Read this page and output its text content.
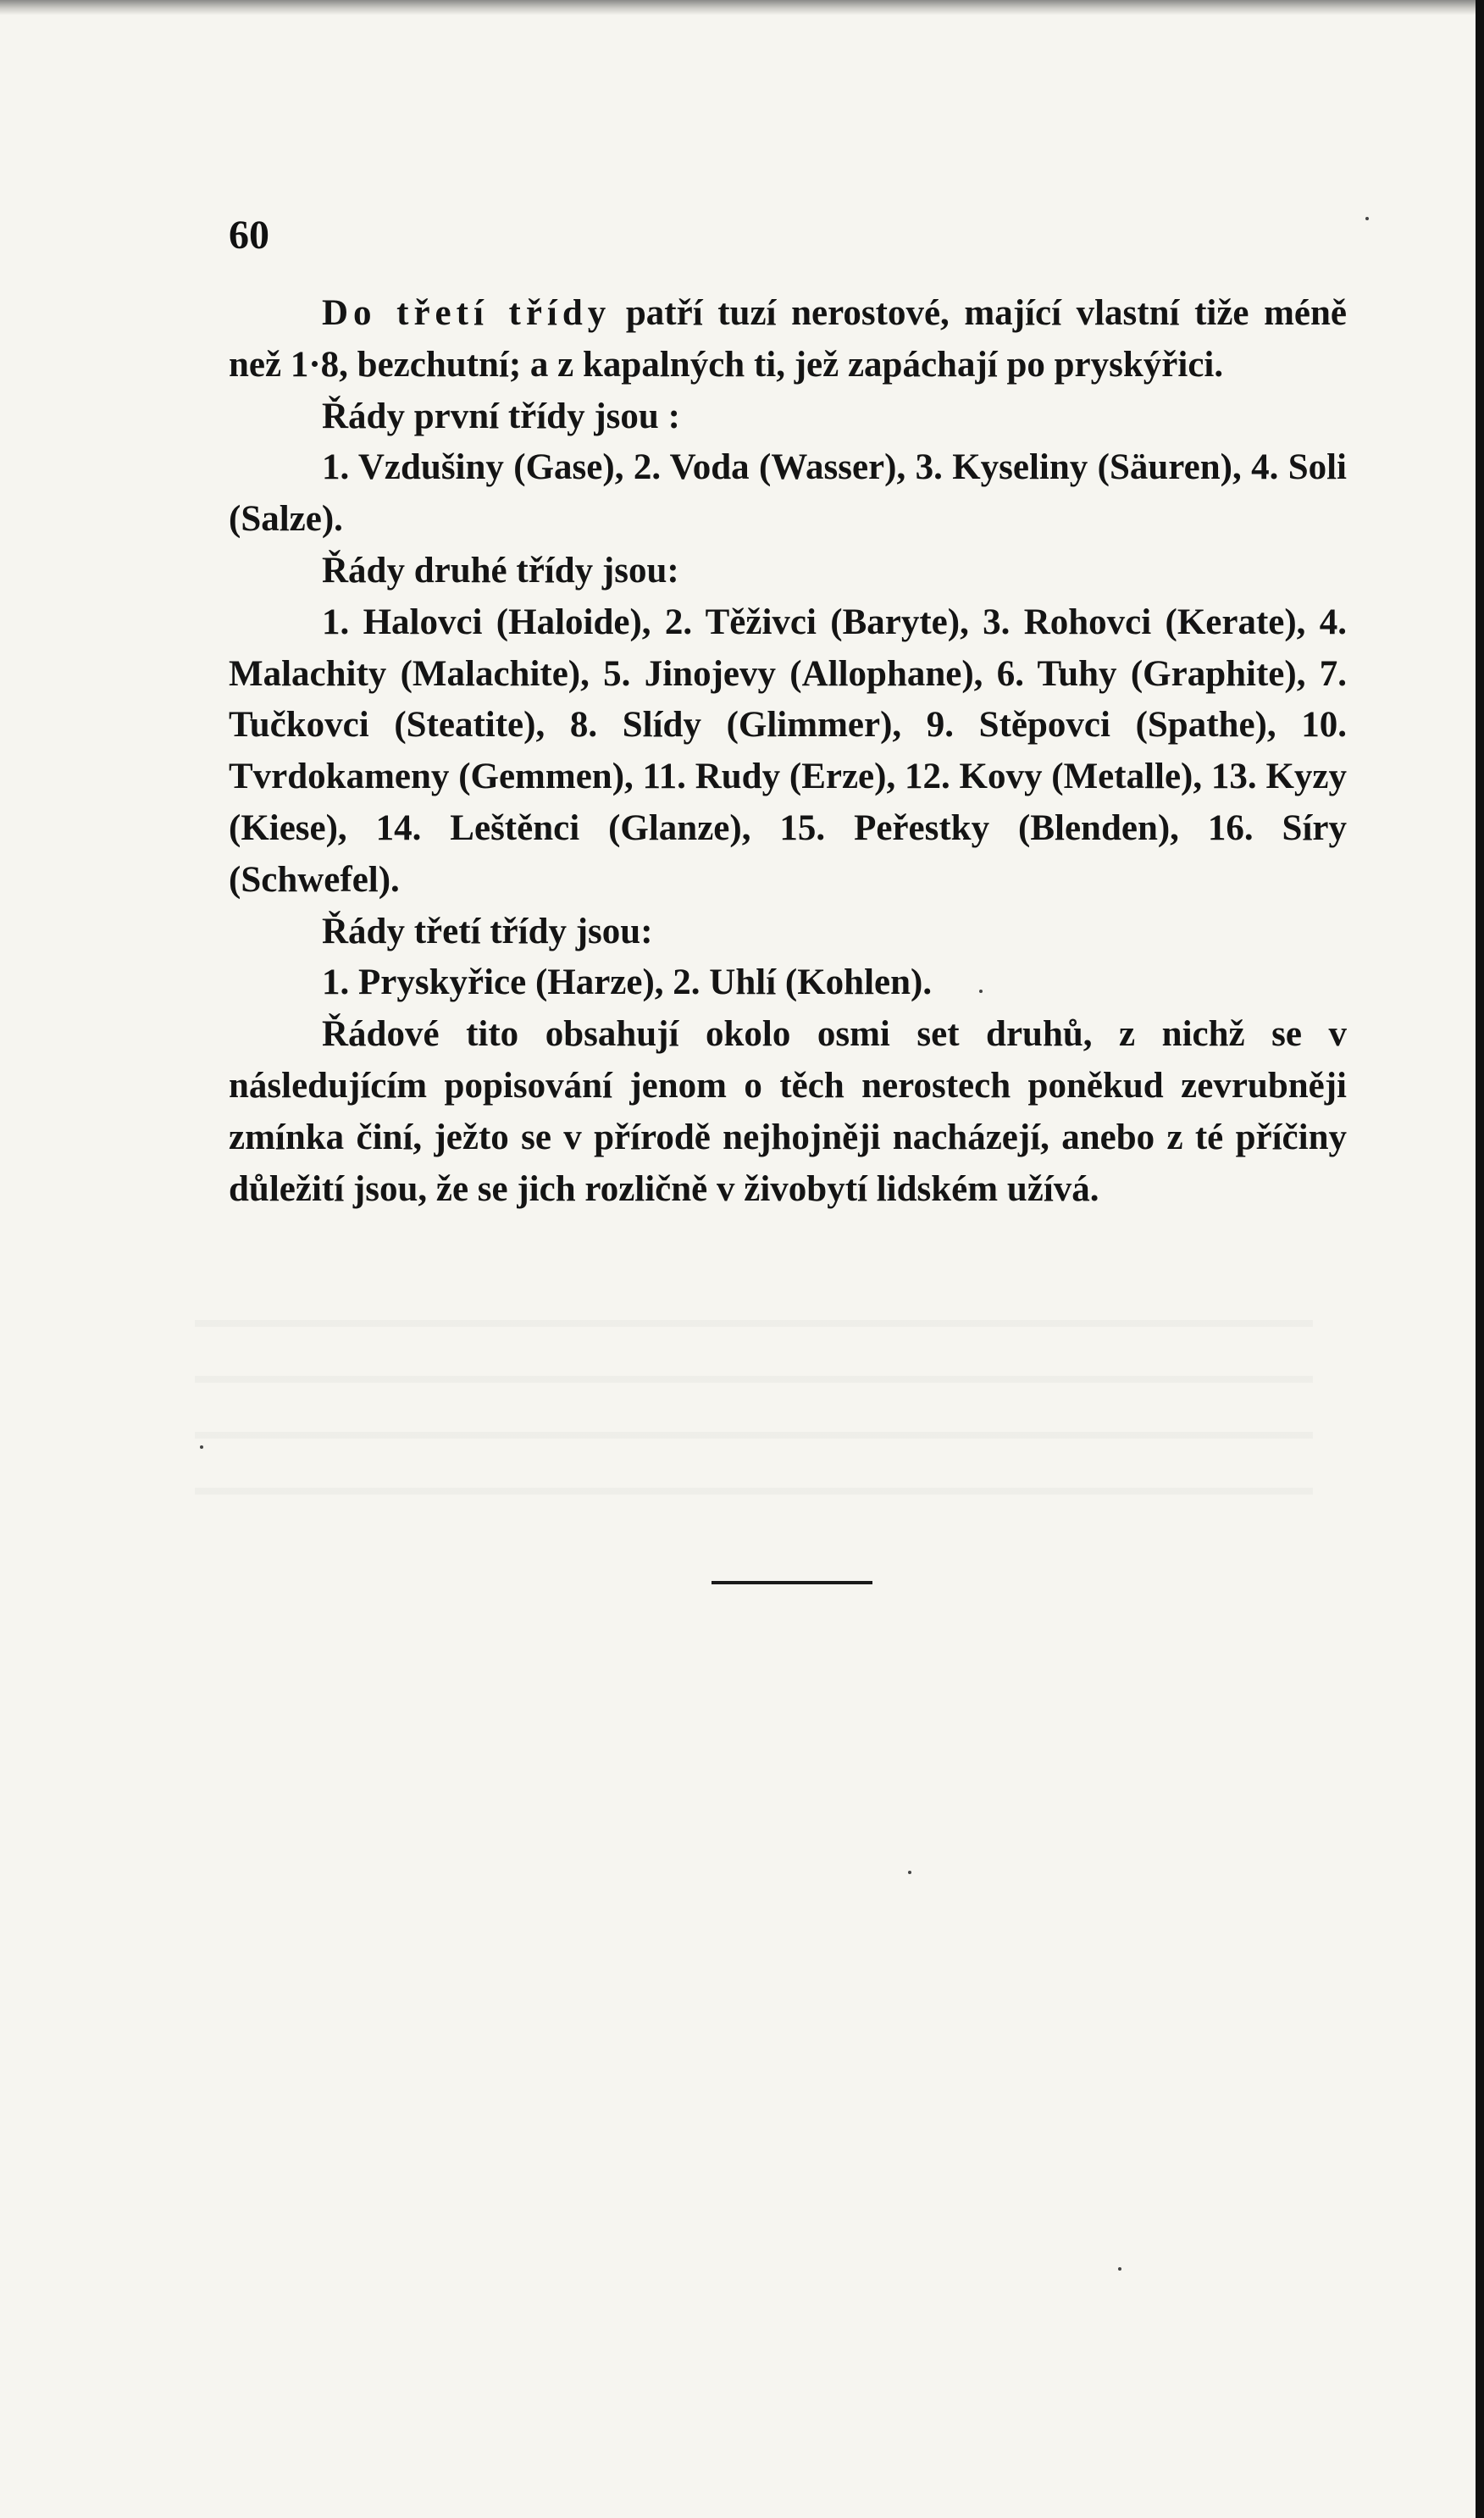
60

Do třetí třídy patří tuzí nerostové, mající vlastní tiže méně než 1·8, bezchutní; a z kapalných ti, jež zapáchají po pryskýřici.

Řády první třídy jsou :

1. Vzdušiny (Gase), 2. Voda (Wasser), 3. Kyseliny (Säuren), 4. Soli (Salze).

Řády druhé třídy jsou:

1. Halovci (Haloide), 2. Těživci (Baryte), 3. Rohovci (Kerate), 4. Malachity (Malachite), 5. Jinojevy (Allophane), 6. Tuhy (Graphite), 7. Tučkovci (Steatite), 8. Slídy (Glimmer), 9. Stěpovci (Spathe), 10. Tvrdokameny (Gemmen), 11. Rudy (Erze), 12. Kovy (Metalle), 13. Kyzy (Kiese), 14. Leštěnci (Glanze), 15. Peřestky (Blenden), 16. Síry (Schwefel).

Řády třetí třídy jsou:

1. Pryskyřice (Harze), 2. Uhlí (Kohlen).

Řádové tito obsahují okolo osmi set druhů, z nichž se v následujícím popisování jenom o těch nerostech poněkud zevrubněji zmínka činí, ježto se v přírodě nejhojněji nacházejí, anebo z té příčiny důležití jsou, že se jich rozličně v živobytí lidském užívá.
